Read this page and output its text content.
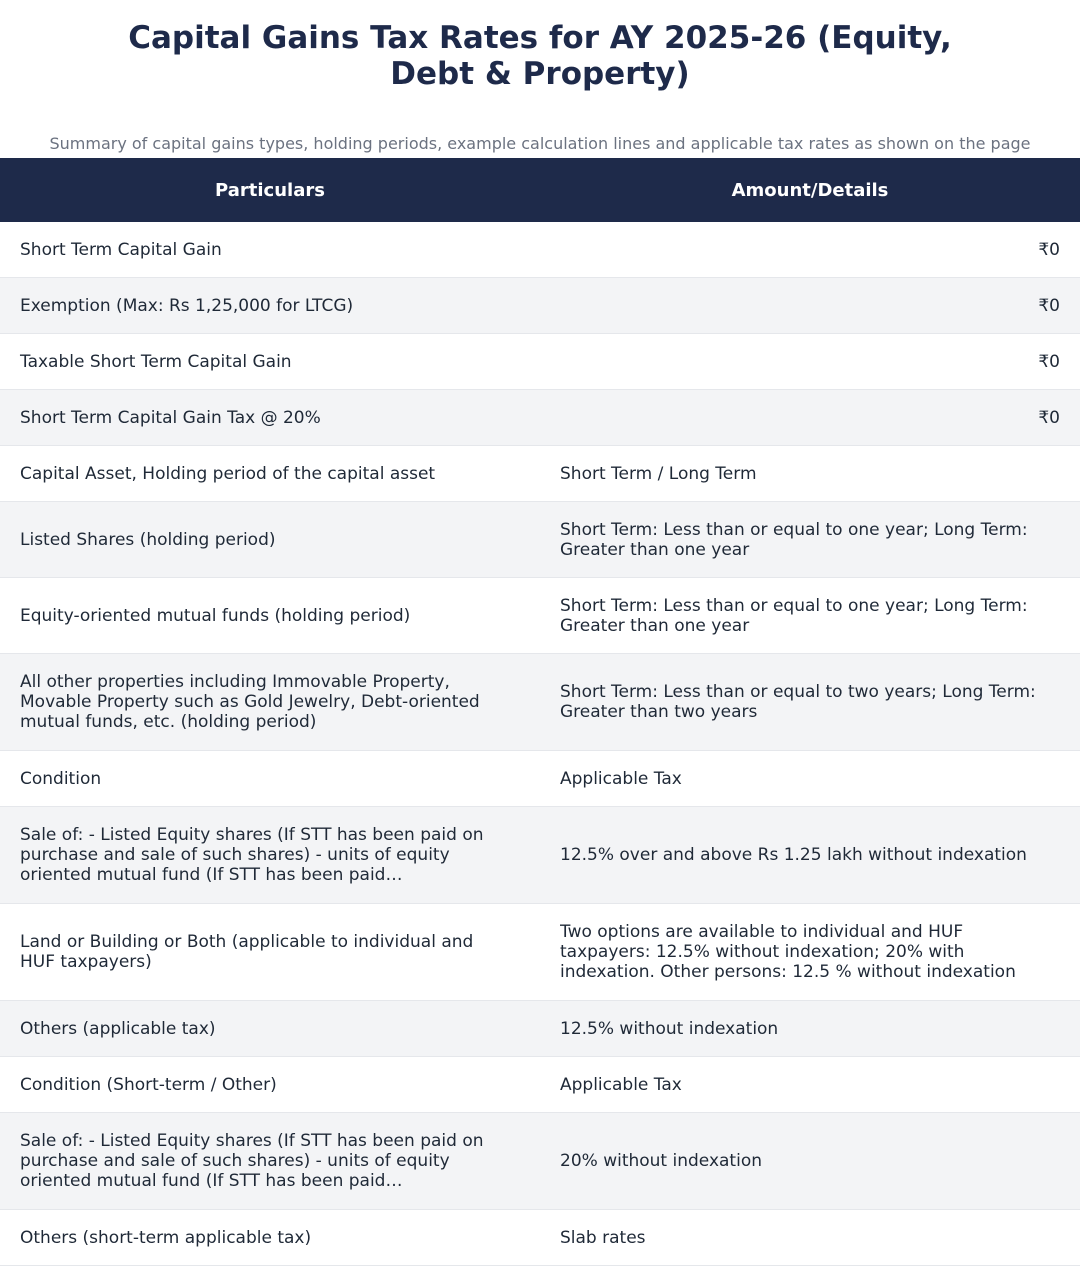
Capital Gains Tax Rates for AY 2025-26 (Equity, Debt & Property)

Summary of capital gains types, holding periods, example calculation lines and applicable tax rates as shown on the page

Particulars	Amount/Details
Short Term Capital Gain	₹0
Exemption (Max: Rs 1,25,000 for LTCG)	₹0
Taxable Short Term Capital Gain	₹0
Short Term Capital Gain Tax @ 20%	₹0
Capital Asset, Holding period of the capital asset	Short Term / Long Term
Listed Shares (holding period)	Short Term: Less than or equal to one year; Long Term: Greater than one year
Equity-oriented mutual funds (holding period)	Short Term: Less than or equal to one year; Long Term: Greater than one year

All other properties including Immovable Property, Movable Property such as Gold Jewelry, Debt-oriented mutual funds, etc. (holding period)	Short Term: Less than or equal to two years; Long Term: Greater than two years
Condition	Applicable Tax

Sale of: - Listed Equity shares (If STT has been paid on purchase and sale of such shares) - units of equity oriented mutual fund (If STT has been paid…	12.5% over and above Rs 1.25 lakh without indexation
Land or Building or Both (applicable to individual and HUF taxpayers)	Two options are available to individual and HUF taxpayers: 12.5% without indexation; 20% with indexation. Other persons: 12.5 % without indexation

Others (applicable tax)	12.5% without indexation
Condition (Short-term / Other)	Applicable Tax

Sale of: - Listed Equity shares (If STT has been paid on purchase and sale of such shares) - units of equity oriented mutual fund (If STT has been paid…	20% without indexation
Others (short-term applicable tax)	Slab rates
